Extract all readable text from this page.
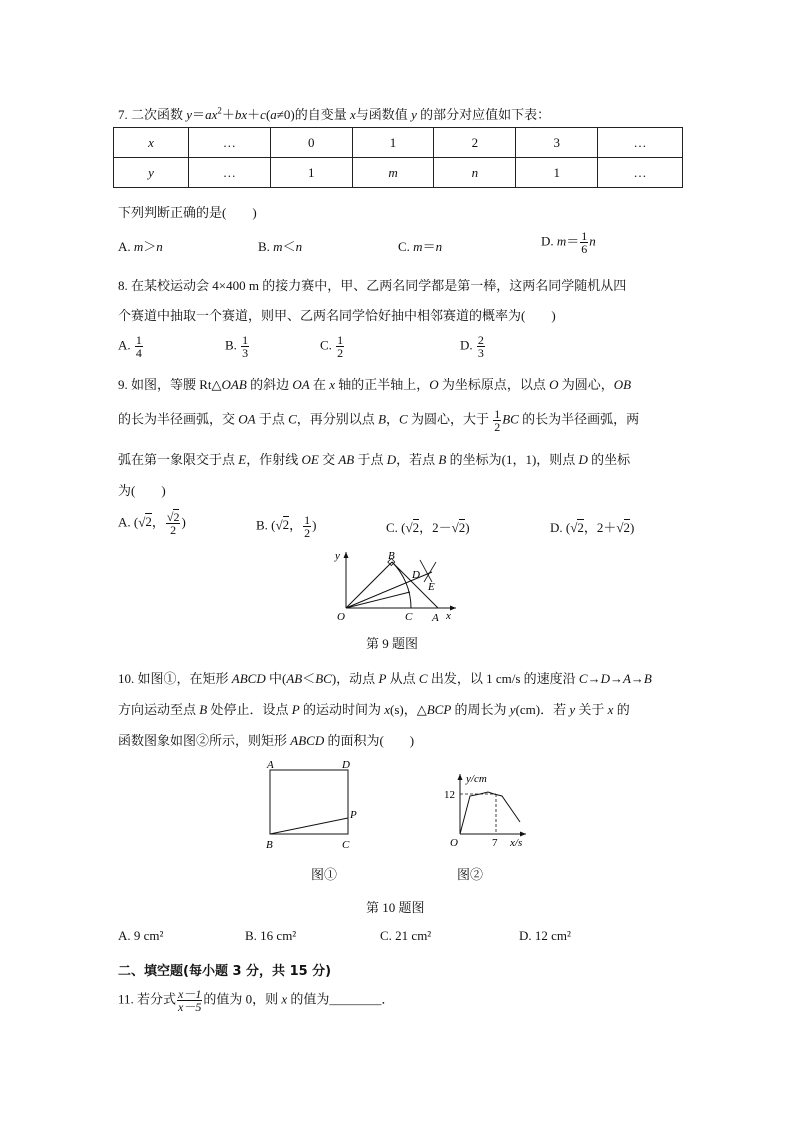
7. 二次函数 $y=ax^2+bx+c(a\ne 0)$的自变量 x与函数值 y 的部分对应值如下表：
x	…	0	1	2	3	…
y	…	1	m	n	1	…
下列判断正确的是(　　)
A. m＞n	B. m＜n	C. m＝n	D. $m= \frac{1}{6}$ n
8. 在某校运动会 4×400 m 的接力赛中，甲、乙两名同学都是第一棒，这两名同学随机从四
个赛道中抽取一个赛道，则甲、乙两名同学恰好抽中相邻赛道的概率为(　　)
A. $\frac{1}{4}$	B. $\frac{1}{3}$	C. $\frac{1}{2}$	D. $\frac{2}{3}$
9. 如图，等腰 Rt△OAB 的斜边 OA 在 x 轴的正半轴上，O 为坐标原点，以点 O 为圆心，OB
的长为半径画弧，交 OA 于点 C，再分别以点 B，C 为圆心，大于 $\frac{1}{2}$ BC 的长为半径画弧，两
弧在第一象限交于点 E，作射线 OE 交 AB 于点 D，若点 B 的坐标为(1，1)，则点 D 的坐标
为(　　)
A. (√2， $\frac{√2}{2}$ )	B. (√2， $\frac{1}{2}$ )	C. (√2，2－√2)	D. (√2，2＋√2)
y
x
O
B
D
E
C A
第 9 题图
10. 如图①，在矩形 ABCD 中(AB＜BC)，动点 P 从点 C 出发，以 1 cm/s 的速度沿 C→D→A→B
方向运动至点 B 处停止．设点 P 的运动时间为 x(s)，△BCP 的周长为 y(cm)．若 y 关于 x 的
函数图象如图②所示，则矩形 ABCD 的面积为(　　)
A	D
B	C
P
图①
y/cm
x/s
O
12
7
图②
第 10 题图
A. 9 cm²	B. 16 cm²	C. 21 cm²	D. 12 cm²
二、填空题(每小题 3 分，共 15 分)
11. 若分式 $\frac{x-1}{x-5}$ 的值为 0，则 x 的值为________．
